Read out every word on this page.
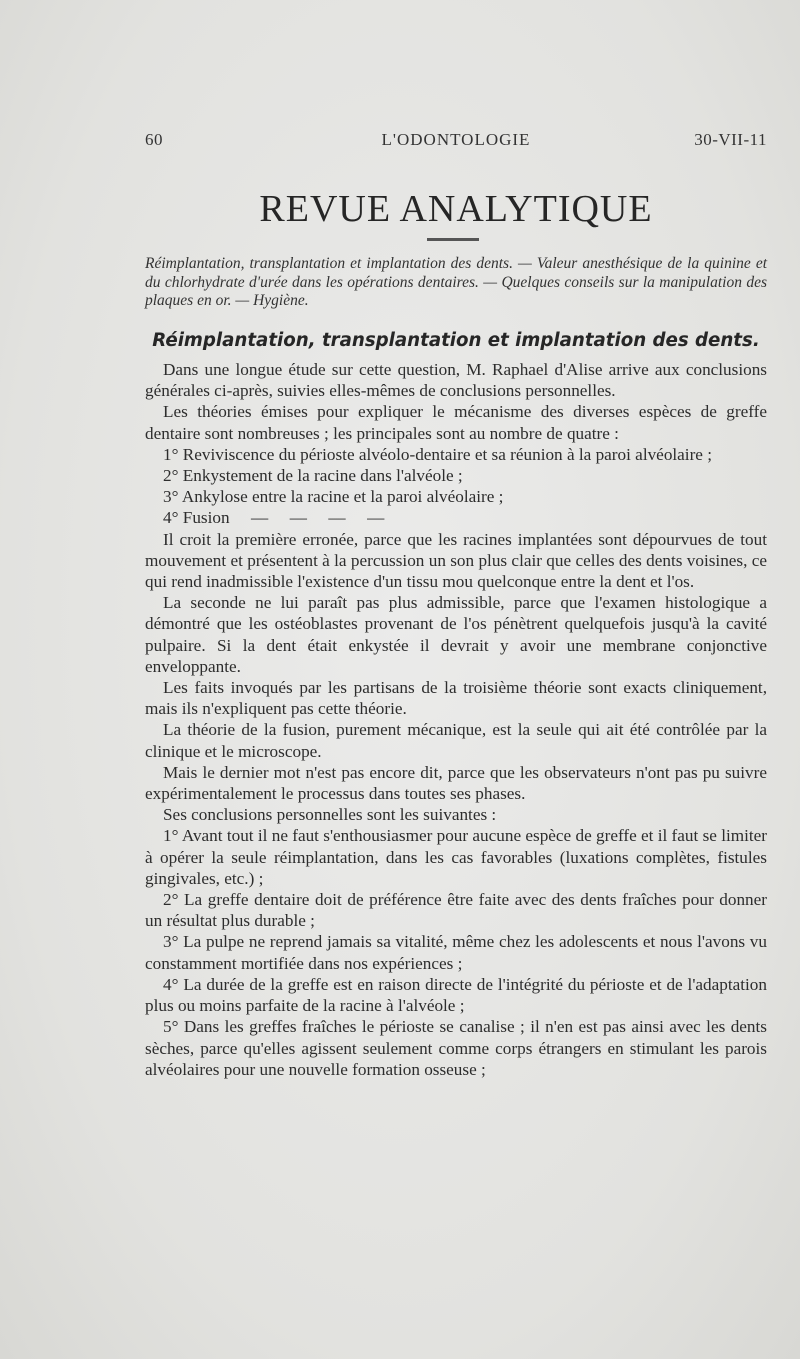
60	L'ODONTOLOGIE	30-VII-11
REVUE ANALYTIQUE
Réimplantation, transplantation et implantation des dents. — Valeur anesthésique de la quinine et du chlorhydrate d'urée dans les opérations dentaires. — Quelques conseils sur la manipulation des plaques en or. — Hygiène.
Réimplantation, transplantation et implantation des dents.

Dans une longue étude sur cette question, M. Raphael d'Alise arrive aux conclusions générales ci-après, suivies elles-mêmes de conclusions personnelles.

Les théories émises pour expliquer le mécanisme des diverses espèces de greffe dentaire sont nombreuses ; les principales sont au nombre de quatre :

1° Reviviscence du périoste alvéolo-dentaire et sa réunion à la paroi alvéolaire ;

2° Enkystement de la racine dans l'alvéole ;

3° Ankylose entre la racine et la paroi alvéolaire ;

4° Fusion     —     —     —     —

Il croit la première erronée, parce que les racines implantées sont dépourvues de tout mouvement et présentent à la percussion un son plus clair que celles des dents voisines, ce qui rend inadmissible l'existence d'un tissu mou quelconque entre la dent et l'os.

La seconde ne lui paraît pas plus admissible, parce que l'examen histologique a démontré que les ostéoblastes provenant de l'os pénètrent quelquefois jusqu'à la cavité pulpaire. Si la dent était enkystée il devrait y avoir une membrane conjonctive enveloppante.

Les faits invoqués par les partisans de la troisième théorie sont exacts cliniquement, mais ils n'expliquent pas cette théorie.

La théorie de la fusion, purement mécanique, est la seule qui ait été contrôlée par la clinique et le microscope.

Mais le dernier mot n'est pas encore dit, parce que les observateurs n'ont pas pu suivre expérimentalement le processus dans toutes ses phases.

Ses conclusions personnelles sont les suivantes :

1° Avant tout il ne faut s'enthousiasmer pour aucune espèce de greffe et il faut se limiter à opérer la seule réimplantation, dans les cas favorables (luxations complètes, fistules gingivales, etc.) ;

2° La greffe dentaire doit de préférence être faite avec des dents fraîches pour donner un résultat plus durable ;

3° La pulpe ne reprend jamais sa vitalité, même chez les adolescents et nous l'avons vu constamment mortifiée dans nos expériences ;

4° La durée de la greffe est en raison directe de l'intégrité du périoste et de l'adaptation plus ou moins parfaite de la racine à l'alvéole ;

5° Dans les greffes fraîches le périoste se canalise ; il n'en est pas ainsi avec les dents sèches, parce qu'elles agissent seulement comme corps étrangers en stimulant les parois alvéolaires pour une nouvelle formation osseuse ;
